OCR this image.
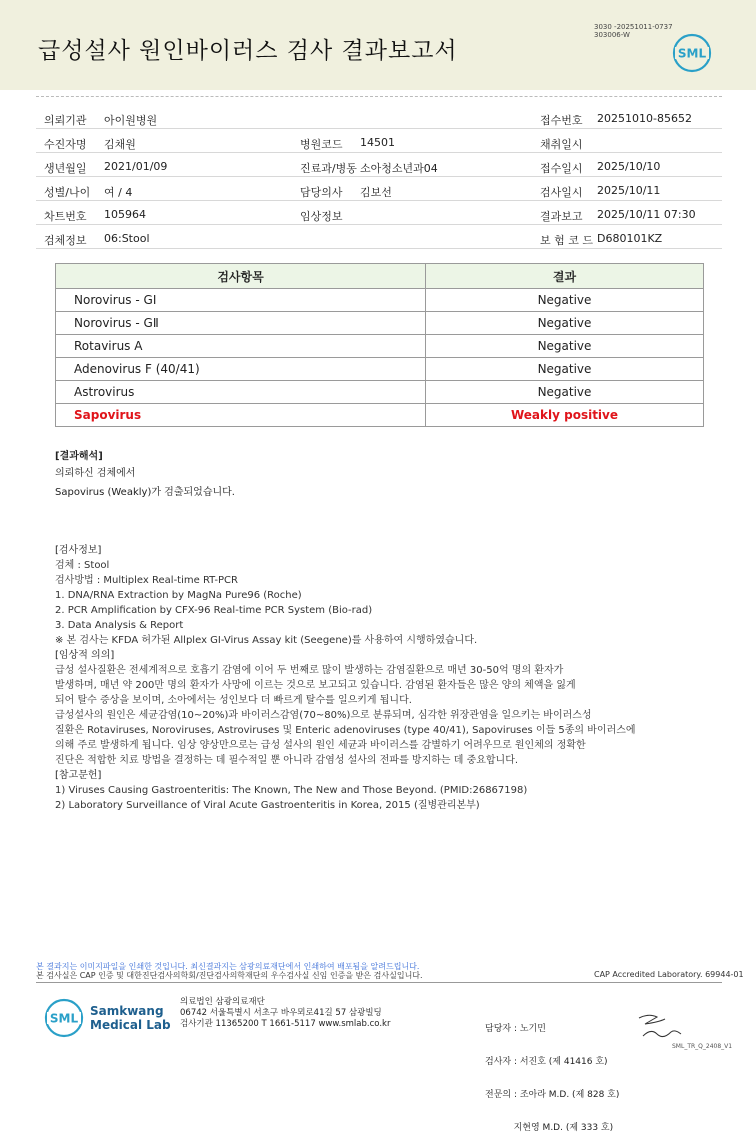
급성설사 원인바이러스 검사 결과보고서
3030 -20251011-0737
303006-W
SML
의뢰기관 아이원병원	접수번호 20251010-85652
수진자명 김채원	병원코드 14501	채취일시
생년월일 2021/01/09	진료과/병동 소아청소년과04	접수일시 2025/10/10
성별/나이 여 / 4	담당의사 김보선	검사일시 2025/10/11
차트번호 105964	임상정보	결과보고 2025/10/11 07:30
검체정보 06:Stool	보 험 코 드 D680101KZ
검사항목	결과
Norovirus - GⅠ	Negative
Norovirus - GⅡ	Negative
Rotavirus A	Negative
Adenovirus F (40/41)	Negative
Astrovirus	Negative
Sapovirus	Weakly positive
[결과해석]
의뢰하신 검체에서
Sapovirus (Weakly)가 검출되었습니다.
[검사정보]
검체 : Stool
검사방법 : Multiplex Real-time RT-PCR
1. DNA/RNA Extraction by MagNa Pure96 (Roche)
2. PCR Amplification by CFX-96 Real-time PCR System (Bio-rad)
3. Data Analysis & Report
※ 본 검사는 KFDA 허가된 Allplex GI-Virus Assay kit (Seegene)를 사용하여 시행하였습니다.
[임상적 의의]
급성 설사질환은 전세계적으로 호흡기 감염에 이어 두 번째로 많이 발생하는 감염질환으로 매년 30-50억 명의 환자가
발생하며, 매년 약 200만 명의 환자가 사망에 이르는 것으로 보고되고 있습니다. 감염된 환자들은 많은 양의 체액을 잃게
되어 탈수 증상을 보이며, 소아에서는 성인보다 더 빠르게 탈수를 일으키게 됩니다.
급성설사의 원인은 세균감염(10~20%)과 바이러스감염(70~80%)으로 분류되며, 심각한 위장관염을 일으키는 바이러스성
질환은 Rotaviruses, Noroviruses, Astroviruses 및 Enteric adenoviruses (type 40/41), Sapoviruses 이들 5종의 바이러스에
의해 주로 발생하게 됩니다. 임상 양상만으로는 급성 설사의 원인 세균과 바이러스를 감별하기 어려우므로 원인체의 정확한
진단은 적합한 치료 방법을 결정하는 데 필수적일 뿐 아니라 감염성 설사의 전파를 방지하는 데 중요합니다.
[참고문헌]
1) Viruses Causing Gastroenteritis: The Known, The New and Those Beyond. (PMID:26867198)
2) Laboratory Surveillance of Viral Acute Gastroenteritis in Korea, 2015 (질병관리본부)
본 결과지는 이미지파일을 인쇄한 것입니다. 최신결과지는 삼광의료재단에서 인쇄하여 배포됨을 알려드립니다.
본 검사실은 CAP 인증 및 대한진단검사의학회/진단검사의학재단의 우수검사실 신임 인증을 받은 검사실입니다.	CAP Accredited Laboratory. 69944-01
SML
Samkwang
Medical Lab
의료법인 삼광의료재단
06742 서울특별시 서초구 바우뫼로41길 57 삼광빌딩
검사기관 11365200 T 1661-5117 www.smlab.co.kr

	담당자 : 노기민

검사자 : 서진호 (제 41416 호)

전문의 : 조아라 M.D. (제 828 호)

지현영 M.D. (제 333 호)

SML_TR_Q_2408_V1
